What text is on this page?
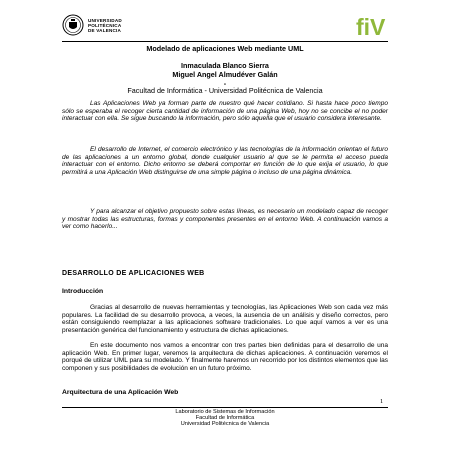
UNIVERSIDAD
POLITÉCNICA
DE VALENCIA	fiV
Modelado de aplicaciones Web mediante UML
Inmaculada Blanco Sierra
Miguel Angel Almudéver Galán
-
Facultad de Informática - Universidad Politécnica de Valencia

Las Aplicaciones Web ya forman parte de nuestro qué hacer cotidiano. Si hasta hace poco tiempo sólo se esperaba el recoger cierta cantidad de información de una página Web, hoy no se concibe el no poder interactuar con ella. Se sigue buscando la información, pero sólo aquella que el usuario considera interesante.

El desarrollo de Internet, el comercio electrónico y las tecnologías de la información orientan el futuro de las aplicaciones a un entorno global, donde cualquier usuario al que se le permita el acceso pueda interactuar con el entorno. Dicho entorno se deberá comportar en función de lo que exija el usuario, lo que permitirá a una Aplicación Web distinguirse de una simple página o incluso de una página dinámica.

Y para alcanzar el objetivo propuesto sobre estas líneas, es necesario un modelado capaz de recoger y mostrar todas las estructuras, formas y componentes presentes en el entorno Web. A continuación vamos a ver como hacerlo...

DESARROLLO DE APLICACIONES WEB
Introducción

Gracias al desarrollo de nuevas herramientas y tecnologías, las Aplicaciones Web son cada vez más populares. La facilidad de su desarrollo provoca, a veces, la ausencia de un análisis y diseño correctos, pero están consiguiendo reemplazar a las aplicaciones software tradicionales. Lo que aquí vamos a ver es una presentación genérica del funcionamiento y estructura de dichas aplicaciones.

En este documento nos vamos a encontrar con tres partes bien definidas para el desarrollo de una aplicación Web. En primer lugar, veremos la arquitectura de dichas aplicaciones. A continuación veremos el porqué de utilizar UML para su modelado. Y finalmente haremos un recorrido por los distintos elementos que las componen y sus posibilidades de evolución en un futuro próximo.

Arquitectura de una Aplicación Web
1
Laboratorio de Sistemas de Información
Facultad de Informática
Universidad Politécnica de Valencia
